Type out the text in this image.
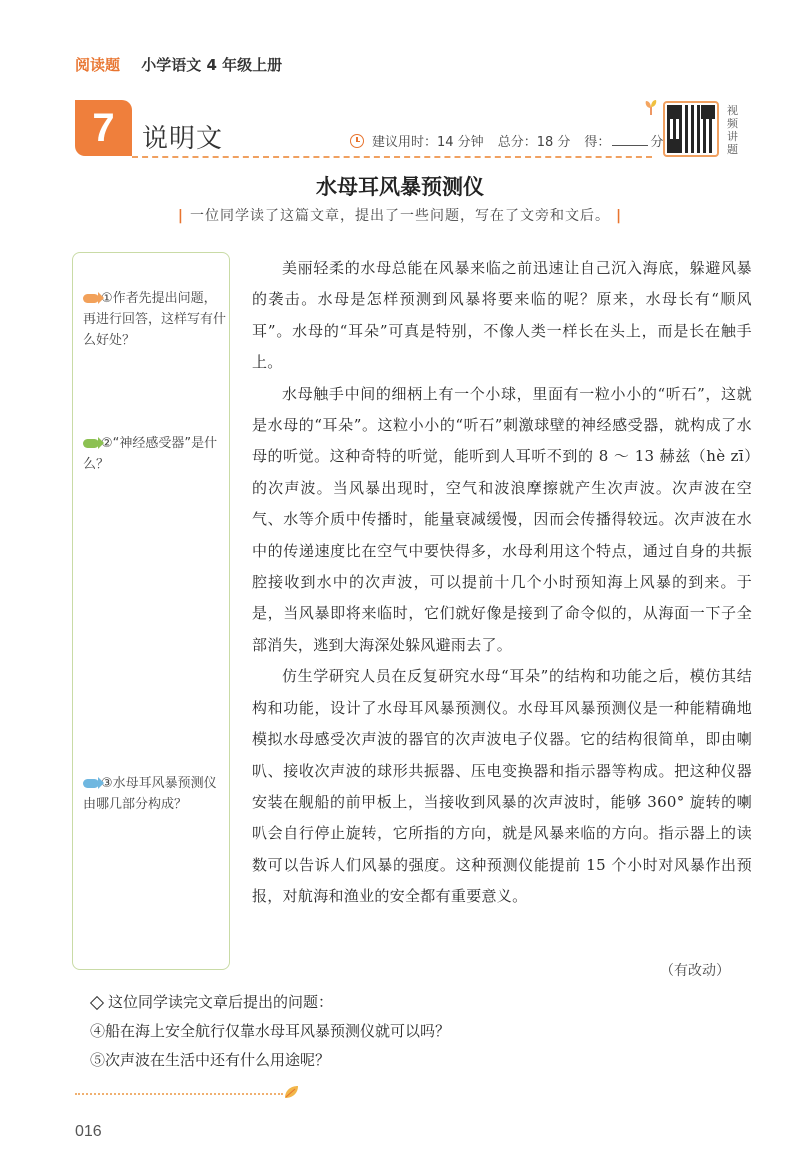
阅读题 小学语文 4 年级上册
7	说明文	建议用时：14 分钟 总分：18 分 得：	分
视频讲题
水母耳风暴预测仪
| 一位同学读了这篇文章，提出了一些问题，写在了文旁和文后。 |
①作者先提出问题，再进行回答，这样写有什么好处？
②“神经感受器”是什么？
③水母耳风暴预测仪由哪几部分构成？

美丽轻柔的水母总能在风暴来临之前迅速让自己沉入海底，躲避风暴的袭击。水母是怎样预测到风暴将要来临的呢？原来，水母长有“顺风耳”。水母的“耳朵”可真是特别，不像人类一样长在头上，而是长在触手上。

水母触手中间的细柄上有一个小球，里面有一粒小小的“听石”，这就是水母的“耳朵”。这粒小小的“听石”刺激球壁的神经感受器，就构成了水母的听觉。这种奇特的听觉，能听到人耳听不到的 8 ～ 13 赫兹（hè zī）的次声波。当风暴出现时，空气和波浪摩擦就产生次声波。次声波在空气、水等介质中传播时，能量衰减缓慢，因而会传播得较远。次声波在水中的传递速度比在空气中要快得多，水母利用这个特点，通过自身的共振腔接收到水中的次声波，可以提前十几个小时预知海上风暴的到来。于是，当风暴即将来临时，它们就好像是接到了命令似的，从海面一下子全部消失，逃到大海深处躲风避雨去了。

仿生学研究人员在反复研究水母“耳朵”的结构和功能之后，模仿其结构和功能，设计了水母耳风暴预测仪。水母耳风暴预测仪是一种能精确地模拟水母感受次声波的器官的次声波电子仪器。它的结构很简单，即由喇叭、接收次声波的球形共振器、压电变换器和指示器等构成。把这种仪器安装在舰船的前甲板上，当接收到风暴的次声波时，能够 360° 旋转的喇叭会自行停止旋转，它所指的方向，就是风暴来临的方向。指示器上的读数可以告诉人们风暴的强度。这种预测仪能提前 15 个小时对风暴作出预报，对航海和渔业的安全都有重要意义。

（有改动）
这位同学读完文章后提出的问题：
④船在海上安全航行仅靠水母耳风暴预测仪就可以吗？
⑤次声波在生活中还有什么用途呢？
016
